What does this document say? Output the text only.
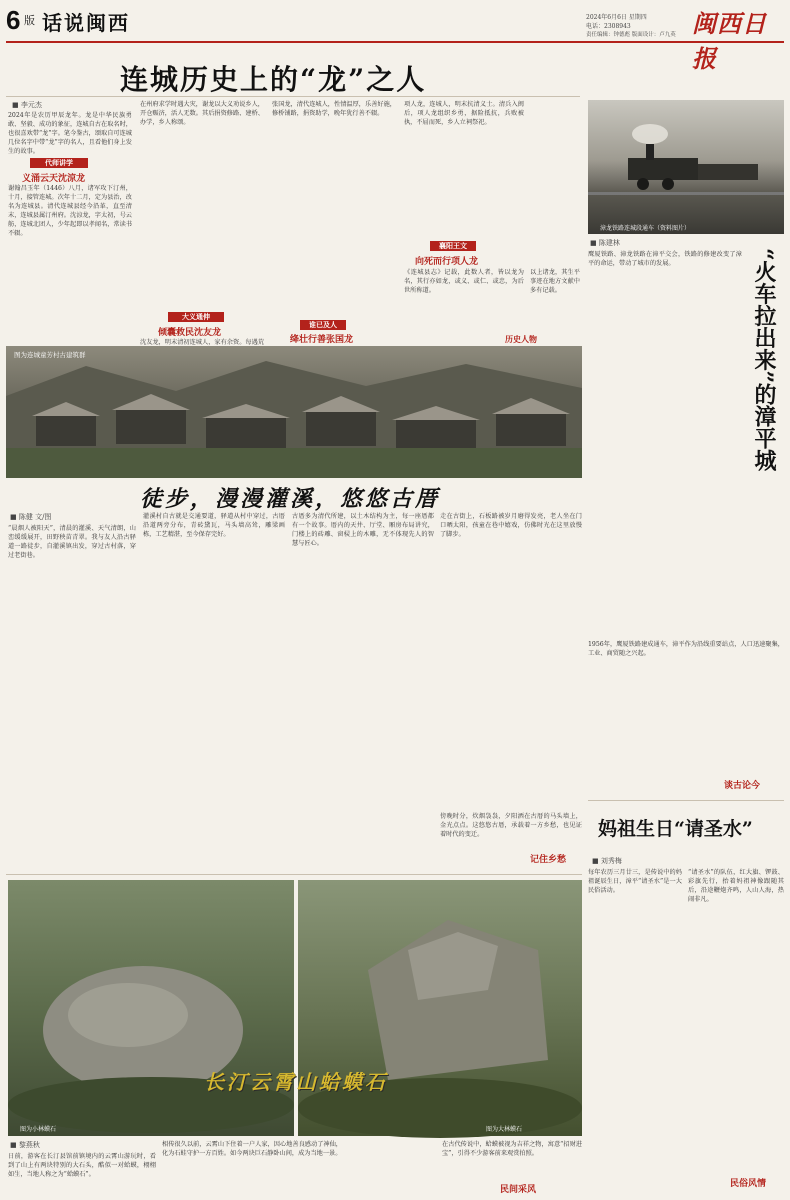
6 版 话说闽西	2024年6月6日 星期四
电话：2308943
责任编辑：钟德彪 版面设计：卢九英 闽西日报
连城历史上的“龙”之人
■ 李元杰
2024年是农历甲辰龙年。龙是中华民族勇敢、坚毅、成功的象征，连城自古在取名时，也很喜欢带“龙”字。笔今鉴古，颂取自可连城几位名字中带“龙”字的名人，且看他们身上发生的故事。
代师讲学
义涌云天沈涼龙
谢翰昌玉年（1446）八月，诸军攻下汀州，十月，接管连城。次年十二月，定为县治，改名为连城县。清代连城县经今沿革，直至清末，连城县属汀州府。沈涼龙，字太初，号云舫，连城北团人，少年起即以孝闻名，常读书不辍。
在州府求学时遇大灾，谢龙以大义劝说乡人，开仓赈济，活人无数。其后捐资修路、建桥、办学，乡人称颂。
大义通伸
倾囊救民沈友龙
沈友龙，明末清初连城人，家有余资。每遇荒
张国龙，清代连城人，性情温厚，乐善好施，修桥铺路，捐资助学，晚年犹行善不辍。
谁已及人
绛壮行善张国龙
项人龙，连城人，明末抗清义士。清兵入闽后，项人龙组织乡勇，据险抵抗，兵败被执，不屈而死，乡人立祠祭祀。
襄阳王文
向死而行项人龙
《连城县志》记载，此数人者，皆以龙为名，其行亦如龙，或义、或仁、或忠，为后世所称道。
以上诸龙，其生平事迹在地方文献中多有记载。
历史人物
漳龙铁路连城段通车（资料图片）
■ 陈建林
鹰厦铁路、漳龙铁路在漳平交会，铁路的修建改变了漳平的命运，带动了城市的发展。	“火车拉出来”的漳平城
1956年，鹰厦铁路建成通车，漳平作为沿线重要站点，人口迅速聚集，工业、商贸随之兴起。
谈古论今
妈祖生日“请圣水”
■ 刘秀梅
每年农历三月廿三，是传说中的妈祖诞辰生日，漳平“请圣水”是一大民俗活动。
“请圣水”的队伍，红大旗、锣鼓、彩旗先行，抬着妈祖神像跟随其后，沿途鞭炮齐鸣，人山人海，热闹非凡。
民俗风情
图为连城童芳村古建筑群
徒步，漫漫灌溪，悠悠古厝
■ 陈健 文/图
“晨烟人被阳天”，清晨的灌溪、天气清朗，山峦缓缓展开，田野秧苗青翠。我与友人沿古驿道一路徒步，自灌溪镇出发，穿过古村落，穿过老街巷。
灌溪村自古就是交通要道，驿道从村中穿过，古厝沿道两旁分布，青砖黛瓦，马头墙高耸，雕梁画栋，工艺精湛，至今保存完好。
古厝多为清代所建，以土木结构为主，每一座厝都有一个故事。厝内的天井、厅堂、厢房布局讲究，门楼上的砖雕、窗棂上的木雕，无不体现先人的智慧与匠心。
走在古街上，石板路被岁月磨得发亮，老人坐在门口晒太阳，孩童在巷中嬉戏，仿佛时光在这里放慢了脚步。
傍晚时分，炊烟袅袅，夕阳洒在古厝的马头墙上，金光点点。这悠悠古厝，承载着一方乡愁，也见证着时代的变迁。
记住乡愁
图为小林蟆石	图为大林蟆石
长汀云霄山蛤蟆石
■ 黎燕秋
日前，游客在长汀县馆前镇境内的云霄山游玩时，看到了山上有两块特别的大石头，酷似一对蛤蟆，栩栩如生，当地人称之为“蛤蟆石”。
相传很久以前，云霄山下住着一户人家，因心地善良感动了神仙，化为石蛙守护一方百姓。如今两块巨石静卧山间，成为当地一景。
在古代传说中，蛤蟆被视为吉祥之物，寓意“招财进宝”，引得不少游客前来观赏拍照。
民间采风
